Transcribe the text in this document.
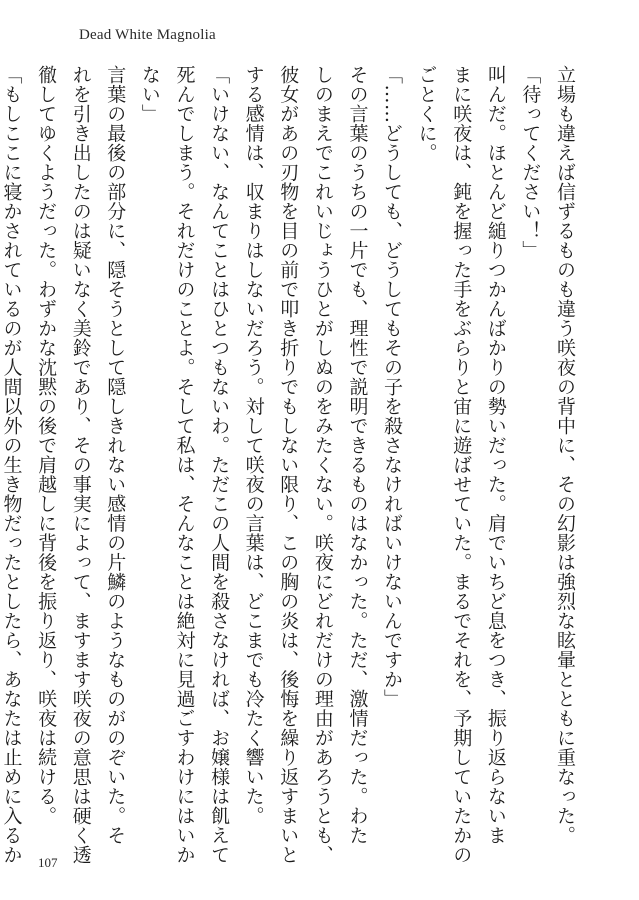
Dead White Magnolia
立場も違えば信ずるものも違う咲夜の背中に、その幻影は強烈な眩暈とともに重なった。
「待ってください！」
叫んだ。ほとんど縋りつかんばかりの勢いだった。肩でいちど息をつき、振り返らないま
まに咲夜は、鈍を握った手をぶらりと宙に遊ばせていた。まるでそれを、予期していたかの
ごとくに。
「……どうしても、どうしてもその子を殺さなければいけないんですか」
その言葉のうちの一片でも、理性で説明できるものはなかった。ただ、激情だった。わた
しのまえでこれいじょうひとがしぬのをみたくない。咲夜にどれだけの理由があろうとも、
彼女があの刃物を目の前で叩き折りでもしない限り、この胸の炎は、後悔を繰り返すまいと
する感情は、収まりはしないだろう。対して咲夜の言葉は、どこまでも冷たく響いた。
「いけない、なんてことはひとつもないわ。ただこの人間を殺さなければ、お嬢様は飢えて
死んでしまう。それだけのことよ。そして私は、そんなことは絶対に見過ごすわけにはいか
ない」
言葉の最後の部分に、隠そうとして隠しきれない感情の片鱗のようなものがのぞいた。そ
れを引き出したのは疑いなく美鈴であり、その事実によって、ますます咲夜の意思は硬く透
徹してゆくようだった。わずかな沈黙の後で肩越しに背後を振り返り、咲夜は続ける。
「もしここに寝かされているのが人間以外の生き物だったとしたら、あなたは止めに入るか	107
